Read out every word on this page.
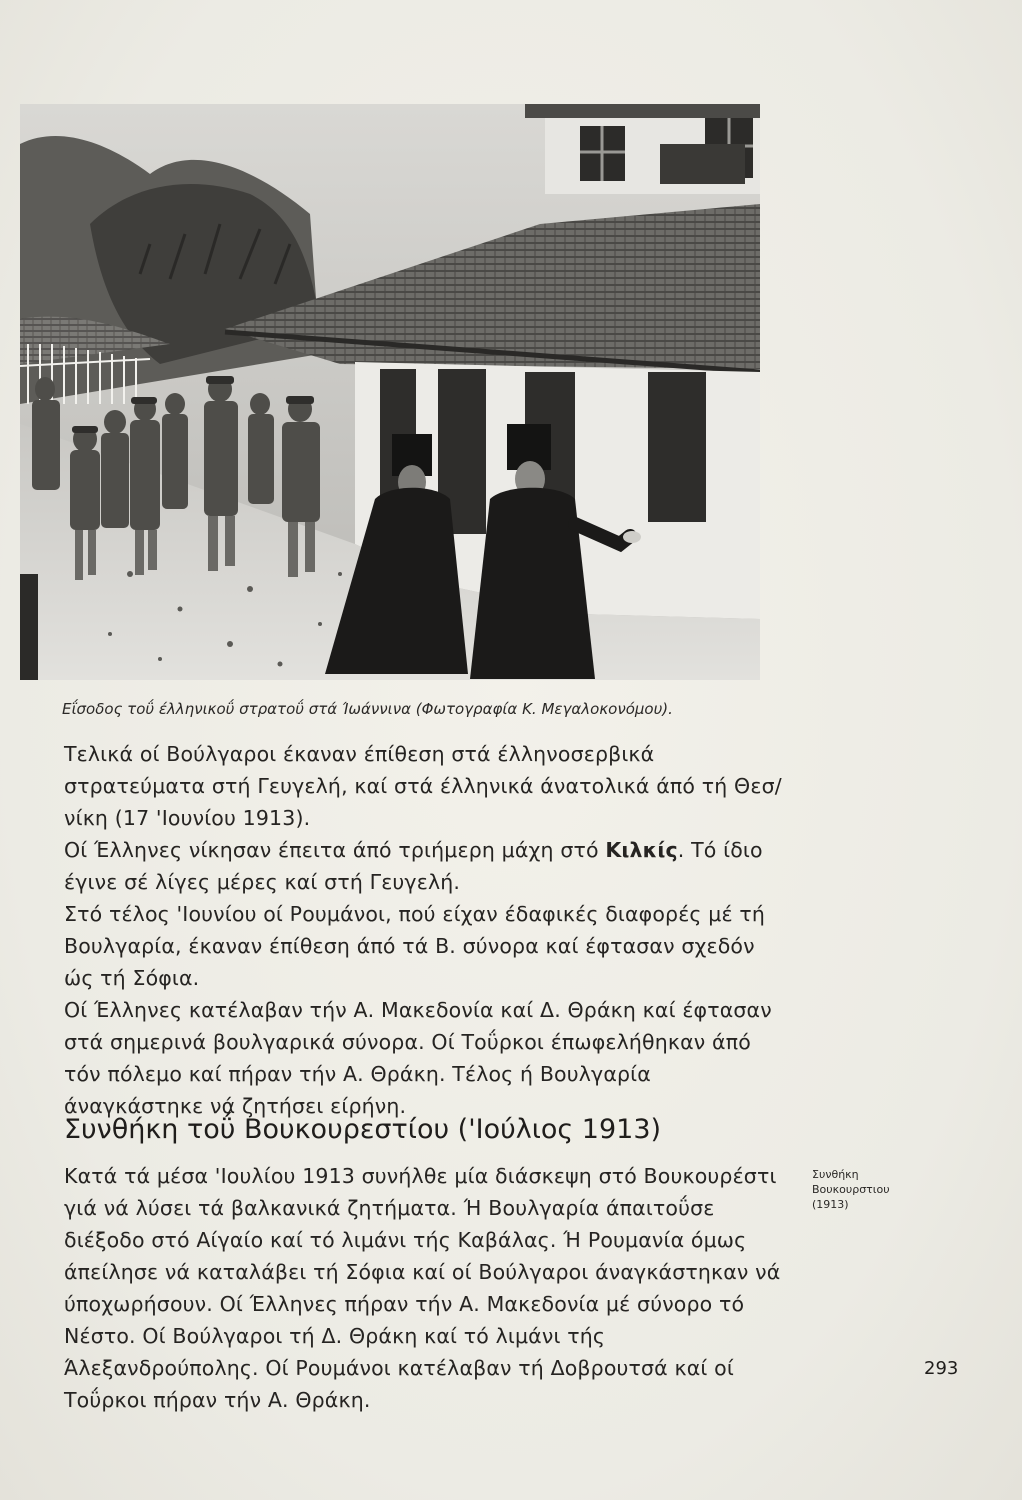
Εΐσοδος τοΰ έλληνικοΰ στρατοΰ στά Ίωάννινα (Φωτογραφία Κ. Μεγαλοκονόμου).

Τελικά οί Βούλγαροι έκαναν έπίθεση στά έλληνοσερβικά στρατεύματα στή Γευγελή, καί στά έλληνικά άνατολικά άπό τή Θεσ/νίκη (17 'Ιουνίου 1913).

Οί Έλληνες νίκησαν έπειτα άπό τριήμερη μάχη στό Κιλκίς. Τό ίδιο έγινε σέ λίγες μέρες καί στή Γευγελή.

Στό τέλος 'Ιουνίου οί Ρουμάνοι, πού είχαν έδαφικές διαφορές μέ τή Βουλγαρία, έκαναν έπίθεση άπό τά Β. σύνορα καί έφτασαν σχεδόν ώς τή Σόφια.

Οί Έλληνες κατέλαβαν τήν Α. Μακεδονία καί Δ. Θράκη καί έφτασαν στά σημερινά βουλγαρικά σύνορα. Οί Τοΰρκοι έπωφελήθηκαν άπό τόν πόλεμο καί πήραν τήν Α. Θράκη. Τέλος ή Βουλγαρία άναγκάστηκε νά ζητήσει είρήνη.

Συνθήκη τοΰ Βουκουρεστίου ('Ιούλιος 1913)

Κατά τά μέσα 'Ιουλίου 1913 συνήλθε μία διάσκεψη στό Βουκουρέστι γιά νά λύσει τά βαλκανικά ζητήματα. Ή Βουλγαρία άπαιτοΰσε διέξοδο στό Αίγαίο καί τό λιμάνι τής Καβάλας. Ή Ρουμανία όμως άπείλησε νά καταλάβει τή Σόφια καί οί Βούλγαροι άναγκάστηκαν νά ύποχωρήσουν. Οί Έλληνες πήραν τήν Α. Μακεδονία μέ σύνορο τό Νέστο. Οί Βούλγαροι τή Δ. Θράκη καί τό λιμάνι τής Άλεξανδρούπολης. Οί Ρουμάνοι κατέλαβαν τή Δοβρουτσά καί οί Τοΰρκοι πήραν τήν Α. Θράκη.

Συνθήκη
Βουκουρστιου
(1913)
293
